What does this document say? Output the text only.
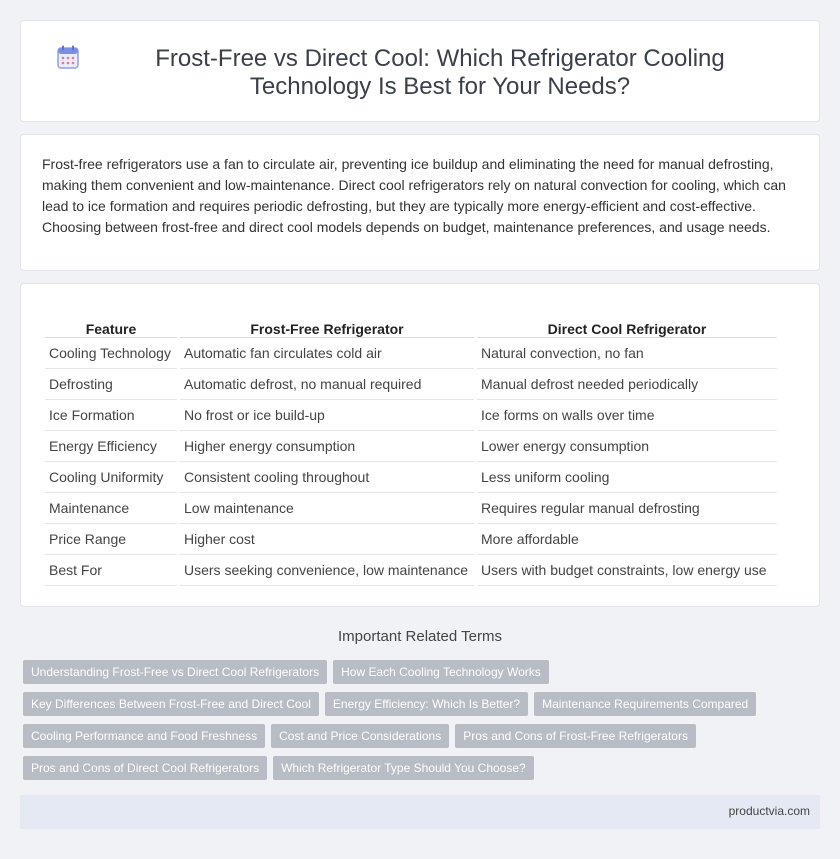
Frost-Free vs Direct Cool: Which Refrigerator Cooling Technology Is Best for Your Needs?

Frost-free refrigerators use a fan to circulate air, preventing ice buildup and eliminating the need for manual defrosting, making them convenient and low-maintenance. Direct cool refrigerators rely on natural convection for cooling, which can lead to ice formation and requires periodic defrosting, but they are typically more energy-efficient and cost-effective. Choosing between frost-free and direct cool models depends on budget, maintenance preferences, and usage needs.

Feature	Frost-Free Refrigerator	Direct Cool Refrigerator
Cooling Technology	Automatic fan circulates cold air	Natural convection, no fan
Defrosting	Automatic defrost, no manual required	Manual defrost needed periodically
Ice Formation	No frost or ice build-up	Ice forms on walls over time
Energy Efficiency	Higher energy consumption	Lower energy consumption
Cooling Uniformity	Consistent cooling throughout	Less uniform cooling
Maintenance	Low maintenance	Requires regular manual defrosting
Price Range	Higher cost	More affordable
Best For	Users seeking convenience, low maintenance	Users with budget constraints, low energy use
Important Related Terms
Understanding Frost-Free vs Direct Cool Refrigerators How Each Cooling Technology Works
Key Differences Between Frost-Free and Direct Cool Energy Efficiency: Which Is Better? Maintenance Requirements Compared
Cooling Performance and Food Freshness Cost and Price Considerations Pros and Cons of Frost-Free Refrigerators
Pros and Cons of Direct Cool Refrigerators Which Refrigerator Type Should You Choose?
productvia.com
